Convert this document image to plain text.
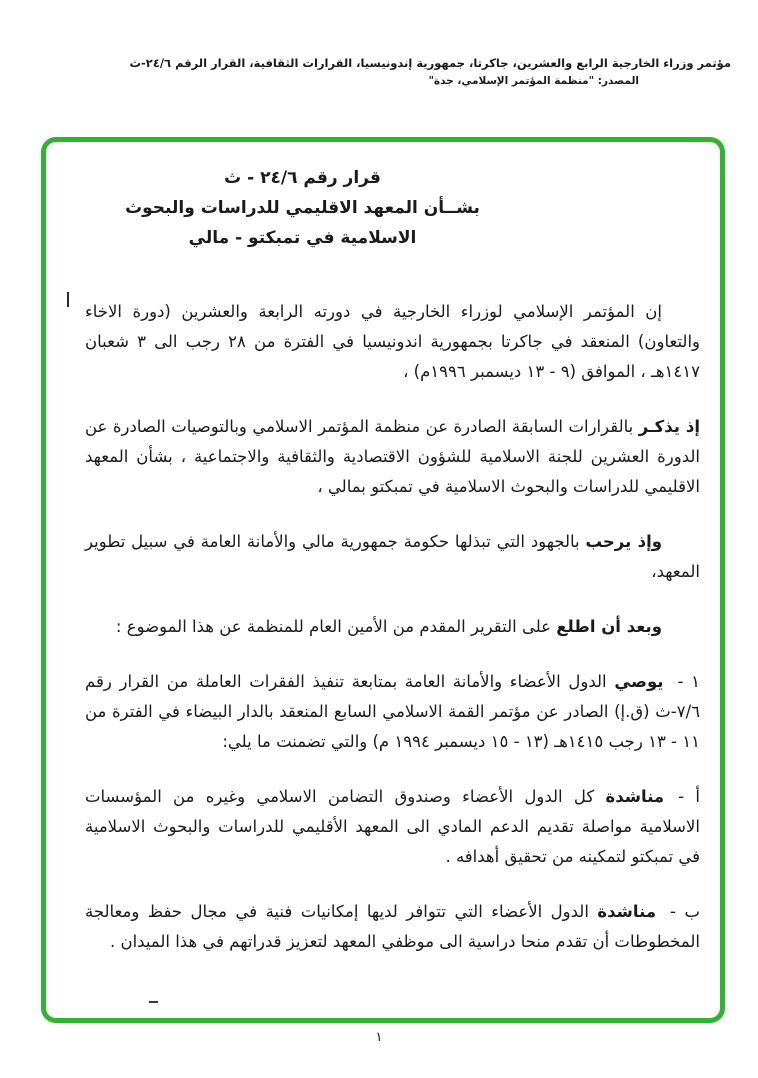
مؤتمر وزراء الخارجية الرابع والعشرين، جاكرتا، جمهورية إندونيسيا، القرارات الثقافية، القرار الرقم ٢٤/٦-ث
المصدر: "منظمة المؤتمر الإسلامي، جدة"
قرار رقم ٢٤/٦ - ث
بشــأن المعهد الاقليمي للدراسات والبحوث
الاسلامية في تمبكتو - مالي

إن المؤتمر الإسلامي لوزراء الخارجية في دورته الرابعة والعشرين (دورة الاخاء والتعاون) المنعقد في جاكرتا بجمهورية اندونيسيا في الفترة من ٢٨ رجب الى ٣ شعبان ١٤١٧هـ ، الموافق (٩ - ١٣ ديسمبر ١٩٩٦م) ،

إذ يذكـر بالقرارات السابقة الصادرة عن منظمة المؤتمر الاسلامي وبالتوصيات الصادرة عن الدورة العشرين للجنة الاسلامية للشؤون الاقتصادية والثقافية والاجتماعية ، بشأن المعهد الاقليمي للدراسات والبحوث الاسلامية في تمبكتو بمالي ،

وإذ يرحب بالجهود التي تبذلها حكومة جمهورية مالي والأمانة العامة في سبيل تطوير المعهد،

وبعد أن اطلع على التقرير المقدم من الأمين العام للمنظمة عن هذا الموضوع :

١ -يوصي الدول الأعضاء والأمانة العامة بمتابعة تنفيذ الفقرات العاملة من القرار رقم ٧/٦-ث (ق.إ) الصادر عن مؤتمر القمة الاسلامي السابع المنعقد بالدار البيضاء في الفترة من ١١ - ١٣ رجب ١٤١٥هـ (١٣ - ١٥ ديسمبر ١٩٩٤ م) والتي تضمنت ما يلي:

أ -مناشدة كل الدول الأعضاء وصندوق التضامن الاسلامي وغيره من المؤسسات الاسلامية مواصلة تقديم الدعم المادي الى المعهد الأقليمي للدراسات والبحوث الاسلامية في تمبكتو لتمكينه من تحقيق أهدافه .

ب -مناشدة الدول الأعضاء التي تتوافر لديها إمكانيات فنية في مجال حفظ ومعالجة المخطوطات أن تقدم منحا دراسية الى موظفي المعهد لتعزيز قدراتهم في هذا الميدان .

١
